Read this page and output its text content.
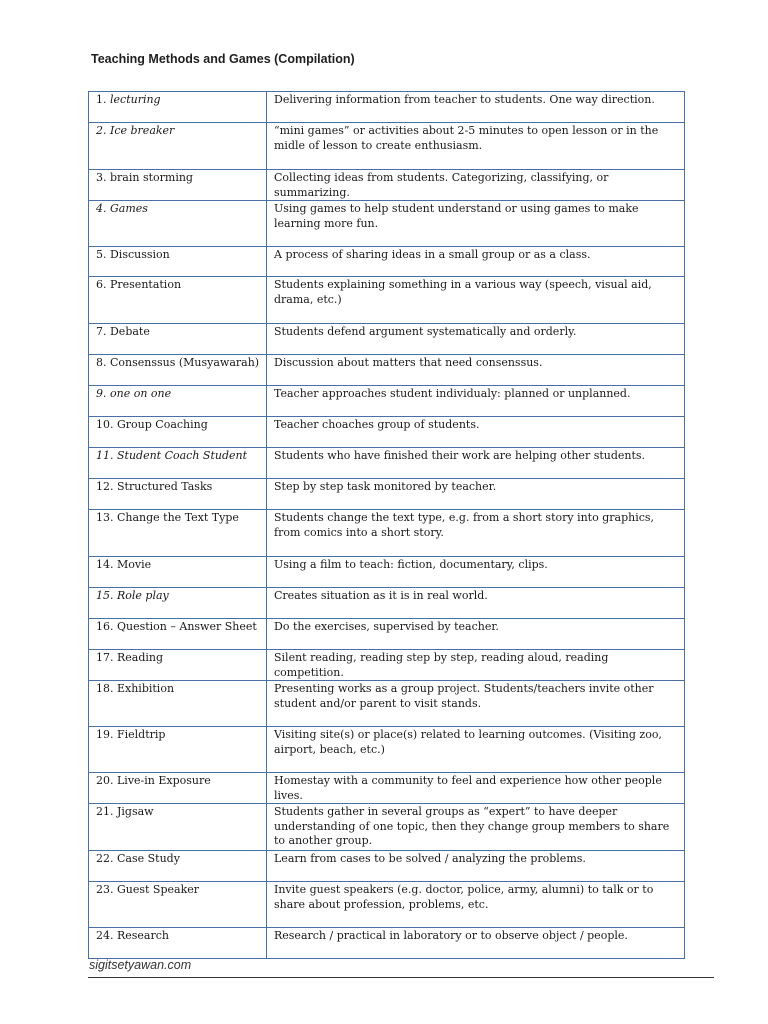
Teaching Methods and Games (Compilation)
1. lecturing	Delivering information from teacher to students. One way direction.
2. Ice breaker	“mini games” or activities about 2-5 minutes to open lesson or in the midle of lesson to create enthusiasm.
3. brain storming	Collecting ideas from students. Categorizing, classifying, or summarizing.
4. Games	Using games to help student understand or using games to make learning more fun.
5. Discussion	A process of sharing ideas in a small group or as a class.
6. Presentation	Students explaining something in a various way (speech, visual aid, drama, etc.)
7. Debate	Students defend argument systematically and orderly.
8. Consenssus (Musyawarah)	Discussion about matters that need consenssus.
9. one on one	Teacher approaches student individualy: planned or unplanned.
10. Group Coaching	Teacher choaches group of students.
11. Student Coach Student	Students who have finished their work are helping other students.
12. Structured Tasks	Step by step task monitored by teacher.
13. Change the Text Type	Students change the text type, e.g. from a short story into graphics, from comics into a short story.
14. Movie	Using a film to teach: fiction, documentary, clips.
15. Role play	Creates situation as it is in real world.
16. Question – Answer Sheet	Do the exercises, supervised by teacher.
17. Reading	Silent reading, reading step by step, reading aloud, reading competition.
18. Exhibition	Presenting works as a group project. Students/teachers invite other student and/or parent to visit stands.
19. Fieldtrip	Visiting site(s) or place(s) related to learning outcomes. (Visiting zoo, airport, beach, etc.)
20. Live-in Exposure	Homestay with a community to feel and experience how other people lives.
21. Jigsaw	Students gather in several groups as “expert” to have deeper understanding of one topic, then they change group members to share to another group.
22. Case Study	Learn from cases to be solved / analyzing the problems.
23. Guest Speaker	Invite guest speakers (e.g. doctor, police, army, alumni) to talk or to share about profession, problems, etc.
24. Research	Research / practical in laboratory or to observe object / people.
sigitsetyawan.com
